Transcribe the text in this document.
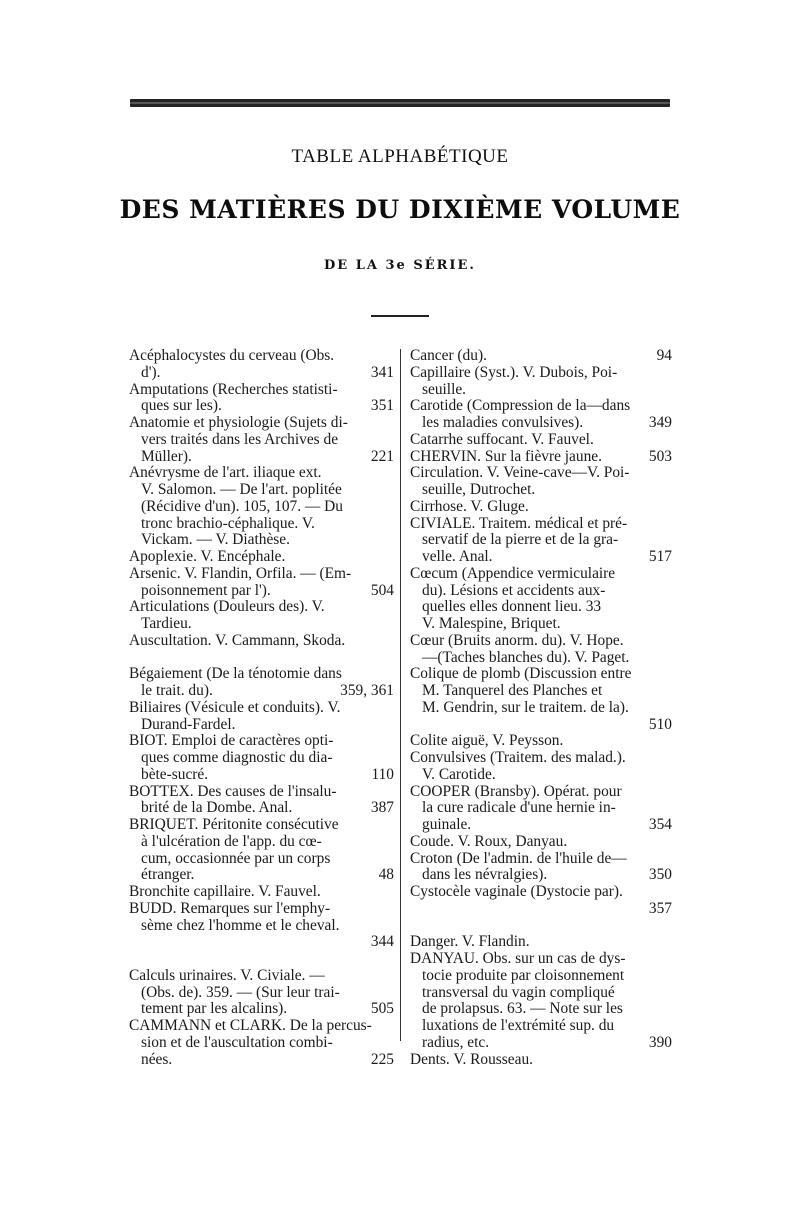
TABLE ALPHABÉTIQUE
DES MATIÈRES DU DIXIÈME VOLUME
DE LA 3e SÉRIE.
Acéphalocystes du cerveau (Obs.
d').	341
Amputations (Recherches statisti-
ques sur les).	351
Anatomie et physiologie (Sujets di-
vers traités dans les Archives de
Müller).	221
Anévrysme de l'art. iliaque ext.
V. Salomon. — De l'art. poplitée
(Récidive d'un). 105, 107. — Du
tronc brachio-céphalique. V.
Vickam. — V. Diathèse.
Apoplexie. V. Encéphale.
Arsenic. V. Flandin, Orfila. — (Em-
poisonnement par l').	504
Articulations (Douleurs des). V.
Tardieu.
Auscultation. V. Cammann, Skoda.
Bégaiement (De la ténotomie dans
le trait. du).	359, 361
Biliaires (Vésicule et conduits). V.
Durand-Fardel.
BIOT. Emploi de caractères opti-
ques comme diagnostic du dia-
bète-sucré.	110
BOTTEX. Des causes de l'insalu-
brité de la Dombe. Anal.	387
BRIQUET. Péritonite consécutive
à l'ulcération de l'app. du cœ-
cum, occasionnée par un corps
étranger.	48
Bronchite capillaire. V. Fauvel.
BUDD. Remarques sur l'emphy-
sème chez l'homme et le cheval.
344
Calculs urinaires. V. Civiale. —
(Obs. de). 359. — (Sur leur trai-
tement par les alcalins).	505
CAMMANN et CLARK. De la percus-
sion et de l'auscultation combi-
nées.	225
Cancer (du).	94
Capillaire (Syst.). V. Dubois, Poi-
seuille.
Carotide (Compression de la—dans
les maladies convulsives).	349
Catarrhe suffocant. V. Fauvel.
CHERVIN. Sur la fièvre jaune.	503
Circulation. V. Veine-cave—V. Poi-
seuille, Dutrochet.
Cirrhose. V. Gluge.
CIVIALE. Traitem. médical et pré-
servatif de la pierre et de la gra-
velle. Anal.	517
Cœcum (Appendice vermiculaire
du). Lésions et accidents aux-
quelles elles donnent lieu. 33
V. Malespine, Briquet.
Cœur (Bruits anorm. du). V. Hope.
—(Taches blanches du). V. Paget.
Colique de plomb (Discussion entre
M. Tanquerel des Planches et
M. Gendrin, sur le traitem. de la).
510
Colite aiguë, V. Peysson.
Convulsives (Traitem. des malad.).
V. Carotide.
COOPER (Bransby). Opérat. pour
la cure radicale d'une hernie in-
guinale.	354
Coude. V. Roux, Danyau.
Croton (De l'admin. de l'huile de—
dans les névralgies).	350
Cystocèle vaginale (Dystocie par).
357
Danger. V. Flandin.
DANYAU. Obs. sur un cas de dys-
tocie produite par cloisonnement
transversal du vagin compliqué
de prolapsus. 63. — Note sur les
luxations de l'extrémité sup. du
radius, etc.	390
Dents. V. Rousseau.
